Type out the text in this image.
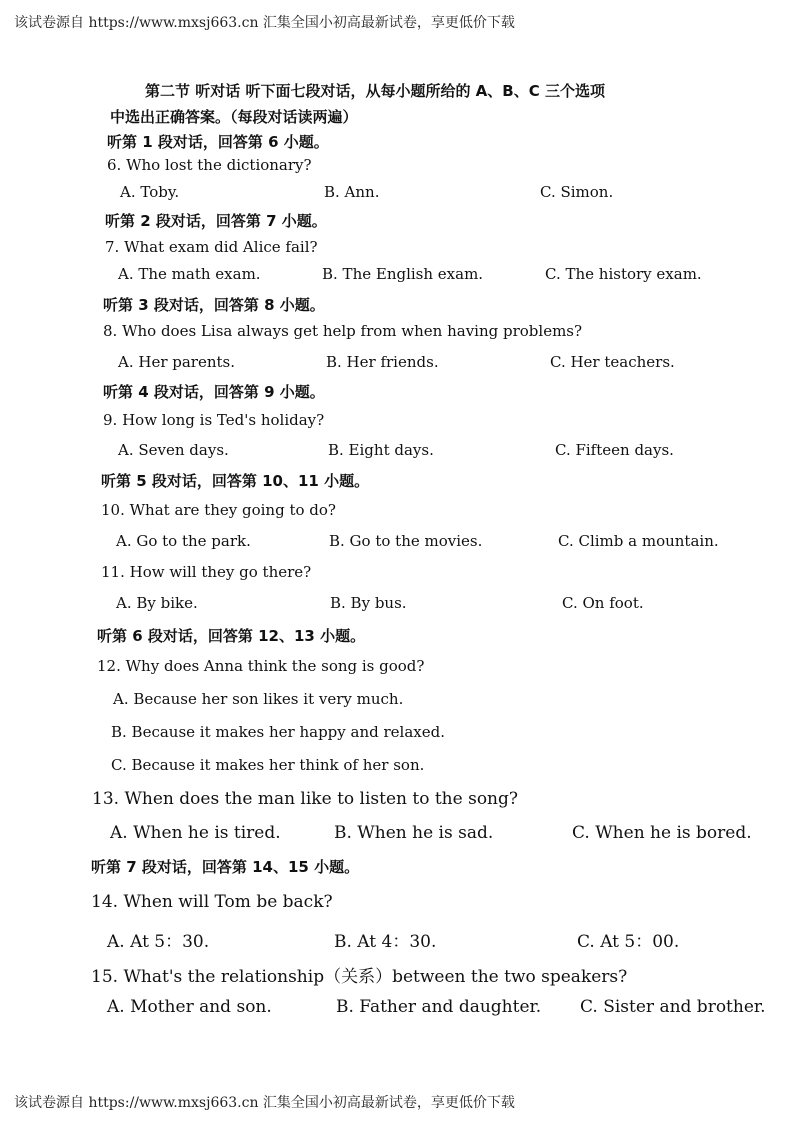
该试卷源自 https://www.mxsj663.cn 汇集全国小初高最新试卷，享更低价下载
第二节 听对话 听下面七段对话，从每小题所给的 A、B、C 三个选项
中选出正确答案。（每段对话读两遍）
听第 1 段对话，回答第 6 小题。
6. Who lost the dictionary?
A. Toby.	B. Ann.	C. Simon.
听第 2 段对话，回答第 7 小题。
7. What exam did Alice fail?
A. The math exam.	B. The English exam.	C. The history exam.
听第 3 段对话，回答第 8 小题。
8. Who does Lisa always get help from when having problems?
A. Her parents.	B. Her friends.	C. Her teachers.
听第 4 段对话，回答第 9 小题。
9. How long is Ted's holiday?
A. Seven days.	B. Eight days.	C. Fifteen days.
听第 5 段对话，回答第 10、11 小题。
10. What are they going to do?
A. Go to the park.	B. Go to the movies.	C. Climb a mountain.
11. How will they go there?
A. By bike.	B. By bus.	C. On foot.
听第 6 段对话，回答第 12、13 小题。
12. Why does Anna think the song is good?
A. Because her son likes it very much.
B. Because it makes her happy and relaxed.
C. Because it makes her think of her son.
13. When does the man like to listen to the song?
A. When he is tired.	B. When he is sad.	C. When he is bored.
听第 7 段对话，回答第 14、15 小题。
14. When will Tom be back?
A. At 5：30.	B. At 4：30.	C. At 5：00.
15. What's the relationship（关系）between the two speakers?
A. Mother and son.	B. Father and daughter. C. Sister and brother.
该试卷源自 https://www.mxsj663.cn 汇集全国小初高最新试卷，享更低价下载
